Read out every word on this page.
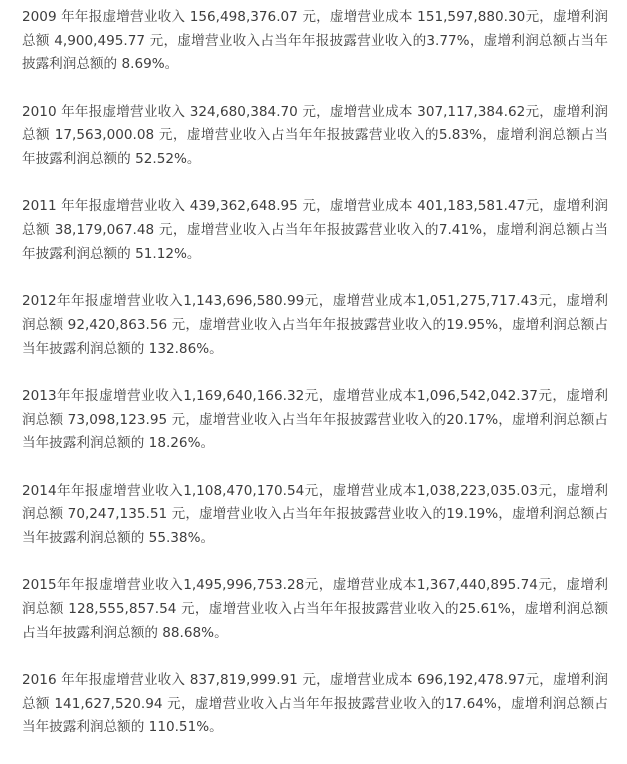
2009 年年报虚增营业收入 156,498,376.07 元，虚增营业成本 151,597,880.30元，虚增利润总额 4,900,495.77 元，虚增营业收入占当年年报披露营业收入的3.77%，虚增利润总额占当年披露利润总额的 8.69%。

2010 年年报虚增营业收入 324,680,384.70 元，虚增营业成本 307,117,384.62元，虚增利润总额 17,563,000.08 元，虚增营业收入占当年年报披露营业收入的5.83%，虚增利润总额占当年披露利润总额的 52.52%。

2011 年年报虚增营业收入 439,362,648.95 元，虚增营业成本 401,183,581.47元，虚增利润总额 38,179,067.48 元，虚增营业收入占当年年报披露营业收入的7.41%，虚增利润总额占当年披露利润总额的 51.12%。

2012年年报虚增营业收入1,143,696,580.99元，虚增营业成本1,051,275,717.43元，虚增利润总额 92,420,863.56 元，虚增营业收入占当年年报披露营业收入的19.95%，虚增利润总额占当年披露利润总额的 132.86%。

2013年年报虚增营业收入1,169,640,166.32元，虚增营业成本1,096,542,042.37元，虚增利润总额 73,098,123.95 元，虚增营业收入占当年年报披露营业收入的20.17%，虚增利润总额占当年披露利润总额的 18.26%。

2014年年报虚增营业收入1,108,470,170.54元，虚增营业成本1,038,223,035.03元，虚增利润总额 70,247,135.51 元，虚增营业收入占当年年报披露营业收入的19.19%，虚增利润总额占当年披露利润总额的 55.38%。

2015年年报虚增营业收入1,495,996,753.28元，虚增营业成本1,367,440,895.74元，虚增利润总额 128,555,857.54 元，虚增营业收入占当年年报披露营业收入的25.61%，虚增利润总额占当年披露利润总额的 88.68%。

2016 年年报虚增营业收入 837,819,999.91 元，虚增营业成本 696,192,478.97元，虚增利润总额 141,627,520.94 元，虚增营业收入占当年年报披露营业收入的17.64%，虚增利润总额占当年披露利润总额的 110.51%。
